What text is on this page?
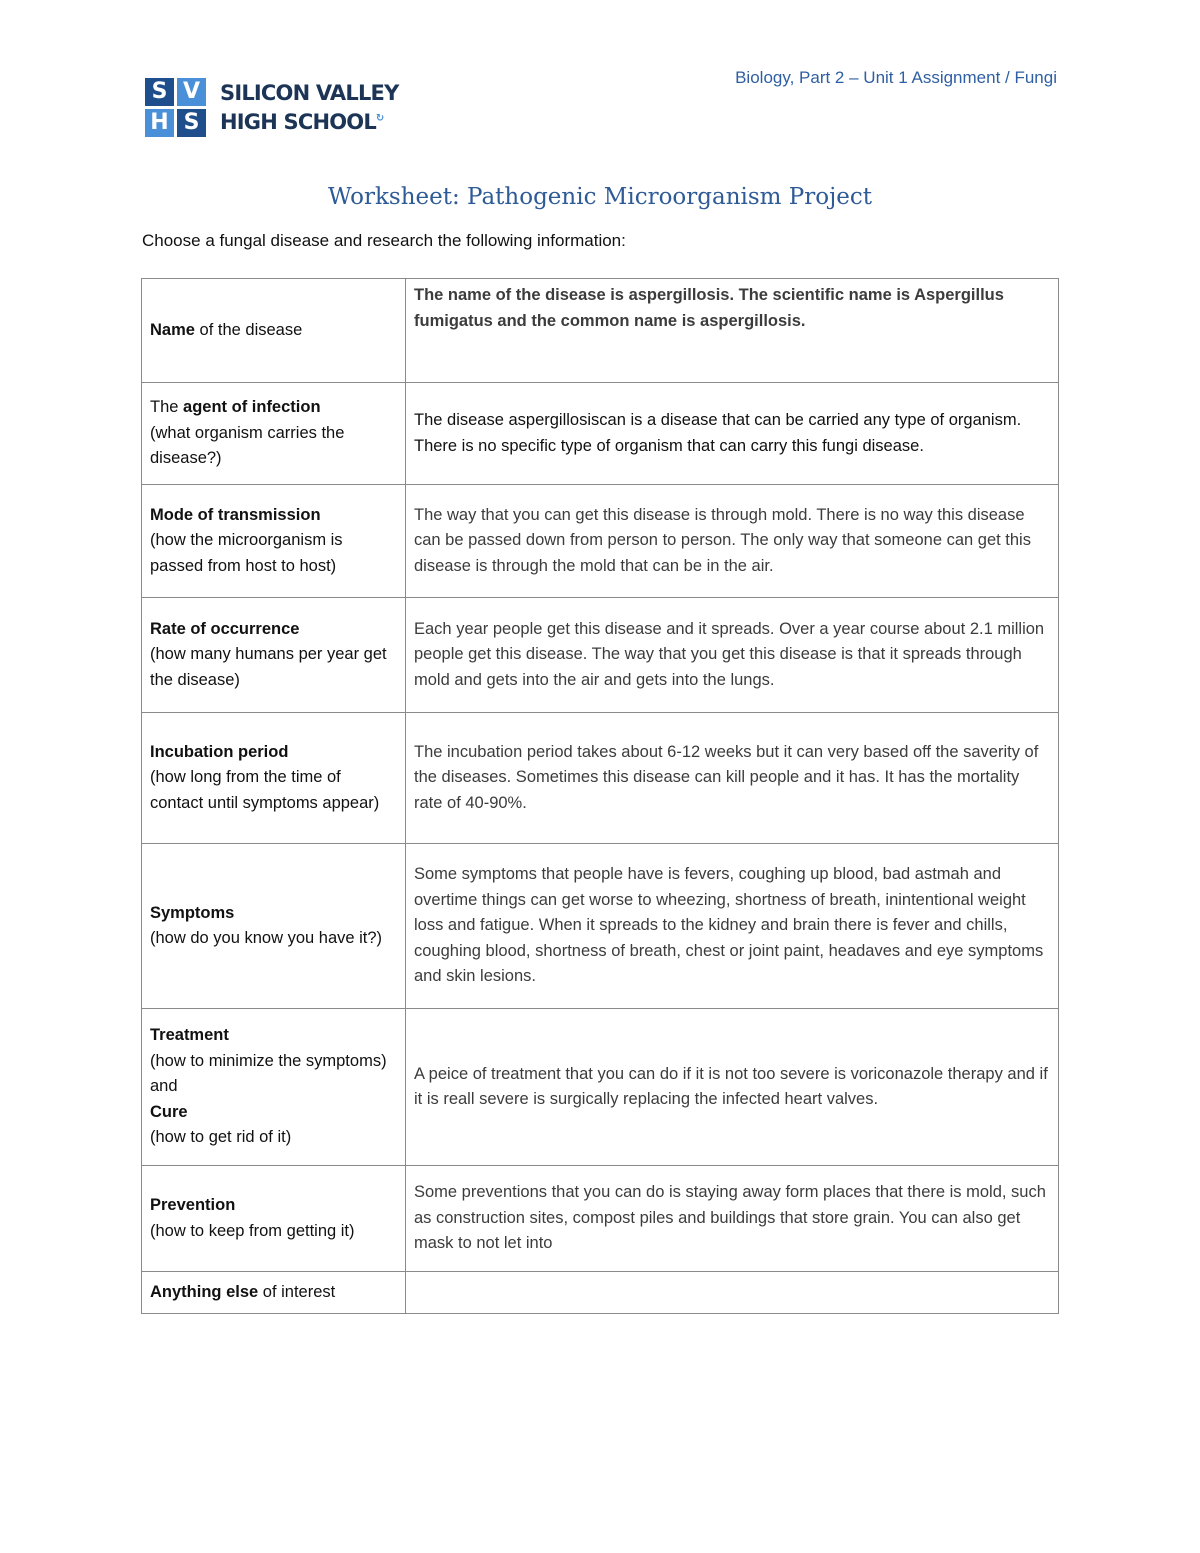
S V
H S
SILICON VALLEY
HIGH SCHOOL↻
Biology, Part 2 – Unit 1 Assignment / Fungi
Worksheet: Pathogenic Microorganism Project
Choose a fungal disease and research the following information:
Name of the disease	The name of the disease is aspergillosis. The scientific name is Aspergillus fumigatus and the common name is aspergillosis.
The agent of infection
(what organism carries the disease?)	The disease aspergillosiscan is a disease that can be carried any type of organism. There is no specific type of organism that can carry this fungi disease.
Mode of transmission
(how the microorganism is passed from host to host)	The way that you can get this disease is through mold. There is no way this disease can be passed down from person to person. The only way that someone can get this disease is through the mold that can be in the air.
Rate of occurrence
(how many humans per year get the disease)	Each year people get this disease and it spreads. Over a year course about 2.1 million people get this disease. The way that you get this disease is that it spreads through mold and gets into the air and gets into the lungs.
Incubation period
(how long from the time of contact until symptoms appear)	The incubation period takes about 6-12 weeks but it can very based off the saverity of the diseases. Sometimes this disease can kill people and it has. It has the mortality rate of 40-90%.
Symptoms
(how do you know you have it?)	Some symptoms that people have is fevers, coughing up blood, bad astmah and overtime things can get worse to wheezing, shortness of breath, inintentional weight loss and fatigue. When it spreads to the kidney and brain there is fever and chills, coughing blood, shortness of breath, chest or joint paint, headaves and eye symptoms and skin lesions.

Treatment
(how to minimize the symptoms) and
Cure
(how to get rid of it)	A peice of treatment that you can do if it is not too severe is voriconazole therapy and if it is reall severe is surgically replacing the infected heart valves.
Prevention
(how to keep from getting it)	Some preventions that you can do is staying away form places that there is mold, such as construction sites, compost piles and buildings that store grain. You can also get mask to not let into
Anything else of interest	
